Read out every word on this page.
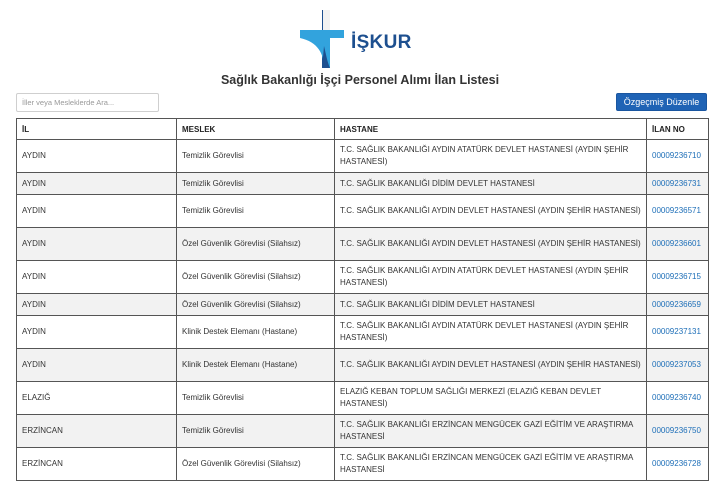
İŞKUR
Sağlık Bakanlığı İşçi Personel Alımı İlan Listesi
İller veya Mesleklerde Ara...
Özgeçmiş Düzenle
İL	MESLEK	HASTANE	İLAN NO
AYDIN	Temizlik Görevlisi	T.C. SAĞLIK BAKANLIĞI AYDIN ATATÜRK DEVLET HASTANESİ (AYDIN ŞEHİR HASTANESİ)	00009236710
AYDIN	Temizlik Görevlisi	T.C. SAĞLIK BAKANLIĞI DİDİM DEVLET HASTANESİ	00009236731
AYDIN	Temizlik Görevlisi	T.C. SAĞLIK BAKANLIĞI AYDIN DEVLET HASTANESİ (AYDIN ŞEHİR HASTANESİ)	00009236571
AYDIN	Özel Güvenlik Görevlisi (Silahsız)	T.C. SAĞLIK BAKANLIĞI AYDIN DEVLET HASTANESİ (AYDIN ŞEHİR HASTANESİ)	00009236601
AYDIN	Özel Güvenlik Görevlisi (Silahsız)	T.C. SAĞLIK BAKANLIĞI AYDIN ATATÜRK DEVLET HASTANESİ (AYDIN ŞEHİR HASTANESİ)	00009236715
AYDIN	Özel Güvenlik Görevlisi (Silahsız)	T.C. SAĞLIK BAKANLIĞI DİDİM DEVLET HASTANESİ	00009236659
AYDIN	Klinik Destek Elemanı (Hastane)	T.C. SAĞLIK BAKANLIĞI AYDIN ATATÜRK DEVLET HASTANESİ (AYDIN ŞEHİR HASTANESİ)	00009237131
AYDIN	Klinik Destek Elemanı (Hastane)	T.C. SAĞLIK BAKANLIĞI AYDIN DEVLET HASTANESİ (AYDIN ŞEHİR HASTANESİ)	00009237053
ELAZIĞ	Temizlik Görevlisi	ELAZIĞ KEBAN TOPLUM SAĞLIĞI MERKEZİ (ELAZIĞ KEBAN DEVLET HASTANESİ)	00009236740
ERZİNCAN	Temizlik Görevlisi	T.C. SAĞLIK BAKANLIĞI ERZİNCAN MENGÜCEK GAZİ EĞİTİM VE ARAŞTIRMA HASTANESİ	00009236750
ERZİNCAN	Özel Güvenlik Görevlisi (Silahsız)	T.C. SAĞLIK BAKANLIĞI ERZİNCAN MENGÜCEK GAZİ EĞİTİM VE ARAŞTIRMA HASTANESİ	00009236728
